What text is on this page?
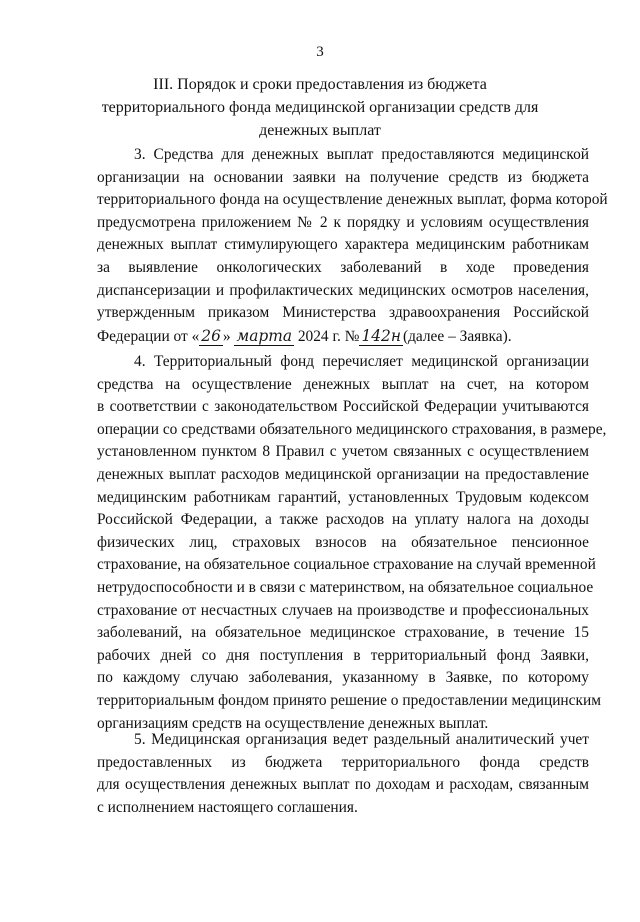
3
III. Порядок и сроки предоставления из бюджета
территориального фонда медицинской организации средств для
денежных выплат
3. Средства для денежных выплат предоставляются медицинской
организации на основании заявки на получение средств из бюджета
территориального фонда на осуществление денежных выплат, форма которой
предусмотрена приложением № 2 к порядку и условиям осуществления
денежных выплат стимулирующего характера медицинским работникам
за выявление онкологических заболеваний в ходе проведения
диспансеризации и профилактических медицинских осмотров населения,
утвержденным приказом Министерства здравоохранения Российской
Федерации от « 26 » марта 2024 г. № 142н (далее – Заявка).
4. Территориальный фонд перечисляет медицинской организации
средства на осуществление денежных выплат на счет, на котором
в соответствии с законодательством Российской Федерации учитываются
операции со средствами обязательного медицинского страхования, в размере,
установленном пунктом 8 Правил с учетом связанных с осуществлением
денежных выплат расходов медицинской организации на предоставление
медицинским работникам гарантий, установленных Трудовым кодексом
Российской Федерации, а также расходов на уплату налога на доходы
физических лиц, страховых взносов на обязательное пенсионное
страхование, на обязательное социальное страхование на случай временной
нетрудоспособности и в связи с материнством, на обязательное социальное
страхование от несчастных случаев на производстве и профессиональных
заболеваний, на обязательное медицинское страхование, в течение 15
рабочих дней со дня поступления в территориальный фонд Заявки,
по каждому случаю заболевания, указанному в Заявке, по которому
территориальным фондом принято решение о предоставлении медицинским
организациям средств на осуществление денежных выплат.
5. Медицинская организация ведет раздельный аналитический учет
предоставленных из бюджета территориального фонда средств
для осуществления денежных выплат по доходам и расходам, связанным
с исполнением настоящего соглашения.
